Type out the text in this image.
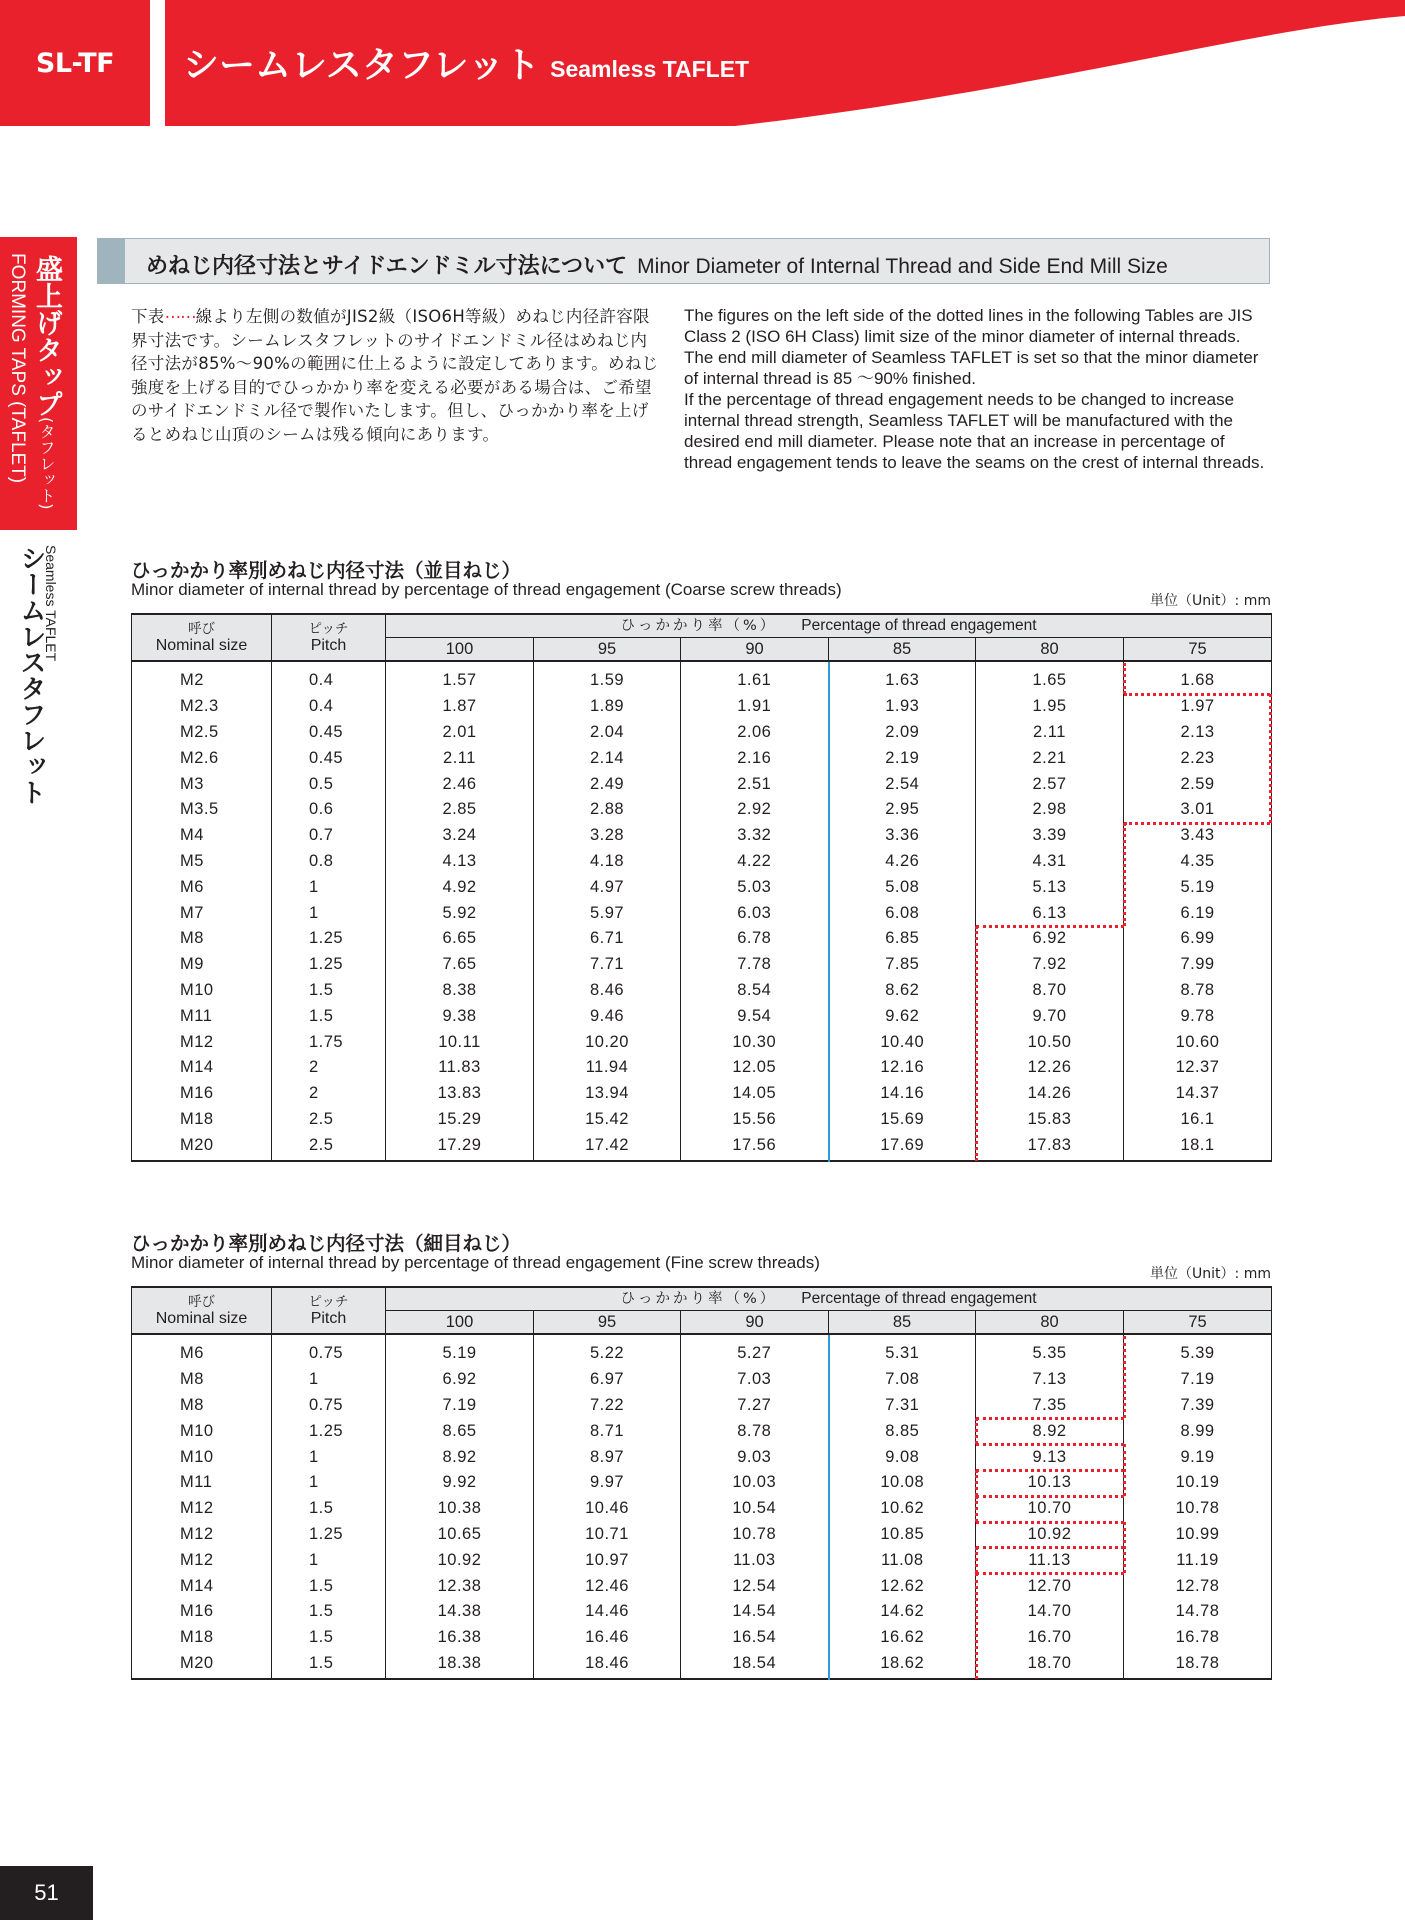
SL-TF	シームレスタフレット Seamless TAFLET
盛上げタップ(タフレット)
FORMING TAPS (TAFLET)
Seamless TAFLET
シームレスタフレット
めねじ内径寸法とサイドエンドミル寸法について Minor Diameter of Internal Thread and Side End Mill Size
下表⋯⋯線より左側の数値がJIS2級（ISO6H等級）めねじ内径許容限界寸法です。シームレスタフレットのサイドエンドミル径はめねじ内径寸法が85%～90%の範囲に仕上るように設定してあります。めねじ強度を上げる目的でひっかかり率を変える必要がある場合は、ご希望のサイドエンドミル径で製作いたします。但し、ひっかかり率を上げるとめねじ山頂のシームは残る傾向にあります。

The figures on the left side of the dotted lines in the following Tables are JIS Class 2 (ISO 6H Class) limit size of the minor diameter of internal threads. The end mill diameter of Seamless TAFLET is set so that the minor diameter of internal thread is 85 ～90% finished.

If the percentage of thread engagement needs to be changed to increase internal thread strength, Seamless TAFLET will be manufactured with the desired end mill diameter. Please note that an increase in percentage of thread engagement tends to leave the seams on the crest of internal threads.

ひっかかり率別めねじ内径寸法（並目ねじ）
Minor diameter of internal thread by percentage of thread engagement (Coarse screw threads)
単位（Unit）: mm
呼び
Nominal size	ピッチ
Pitch	ひっかかり率（%） Percentage of thread engagement					
		100	95	90	85	80	75
M2	0.4	1.57	1.59	1.61	1.63	1.65	1.68
M2.3	0.4	1.87	1.89	1.91	1.93	1.95	1.97
M2.5	0.45	2.01	2.04	2.06	2.09	2.11	2.13
M2.6	0.45	2.11	2.14	2.16	2.19	2.21	2.23
M3	0.5	2.46	2.49	2.51	2.54	2.57	2.59
M3.5	0.6	2.85	2.88	2.92	2.95	2.98	3.01
M4	0.7	3.24	3.28	3.32	3.36	3.39	3.43
M5	0.8	4.13	4.18	4.22	4.26	4.31	4.35
M6	1	4.92	4.97	5.03	5.08	5.13	5.19
M7	1	5.92	5.97	6.03	6.08	6.13	6.19
M8	1.25	6.65	6.71	6.78	6.85	6.92	6.99
M9	1.25	7.65	7.71	7.78	7.85	7.92	7.99
M10	1.5	8.38	8.46	8.54	8.62	8.70	8.78
M11	1.5	9.38	9.46	9.54	9.62	9.70	9.78
M12	1.75	10.11	10.20	10.30	10.40	10.50	10.60
M14	2	11.83	11.94	12.05	12.16	12.26	12.37
M16	2	13.83	13.94	14.05	14.16	14.26	14.37
M18	2.5	15.29	15.42	15.56	15.69	15.83	16.1
M20	2.5	17.29	17.42	17.56	17.69	17.83	18.1
ひっかかり率別めねじ内径寸法（細目ねじ）
Minor diameter of internal thread by percentage of thread engagement (Fine screw threads)
単位（Unit）: mm
呼び
Nominal size	ピッチ
Pitch	ひっかかり率（%） Percentage of thread engagement					
		100	95	90	85	80	75
M6	0.75	5.19	5.22	5.27	5.31	5.35	5.39
M8	1	6.92	6.97	7.03	7.08	7.13	7.19
M8	0.75	7.19	7.22	7.27	7.31	7.35	7.39
M10	1.25	8.65	8.71	8.78	8.85	8.92	8.99
M10	1	8.92	8.97	9.03	9.08	9.13	9.19
M11	1	9.92	9.97	10.03	10.08	10.13	10.19
M12	1.5	10.38	10.46	10.54	10.62	10.70	10.78
M12	1.25	10.65	10.71	10.78	10.85	10.92	10.99
M12	1	10.92	10.97	11.03	11.08	11.13	11.19
M14	1.5	12.38	12.46	12.54	12.62	12.70	12.78
M16	1.5	14.38	14.46	14.54	14.62	14.70	14.78
M18	1.5	16.38	16.46	16.54	16.62	16.70	16.78
M20	1.5	18.38	18.46	18.54	18.62	18.70	18.78
51
